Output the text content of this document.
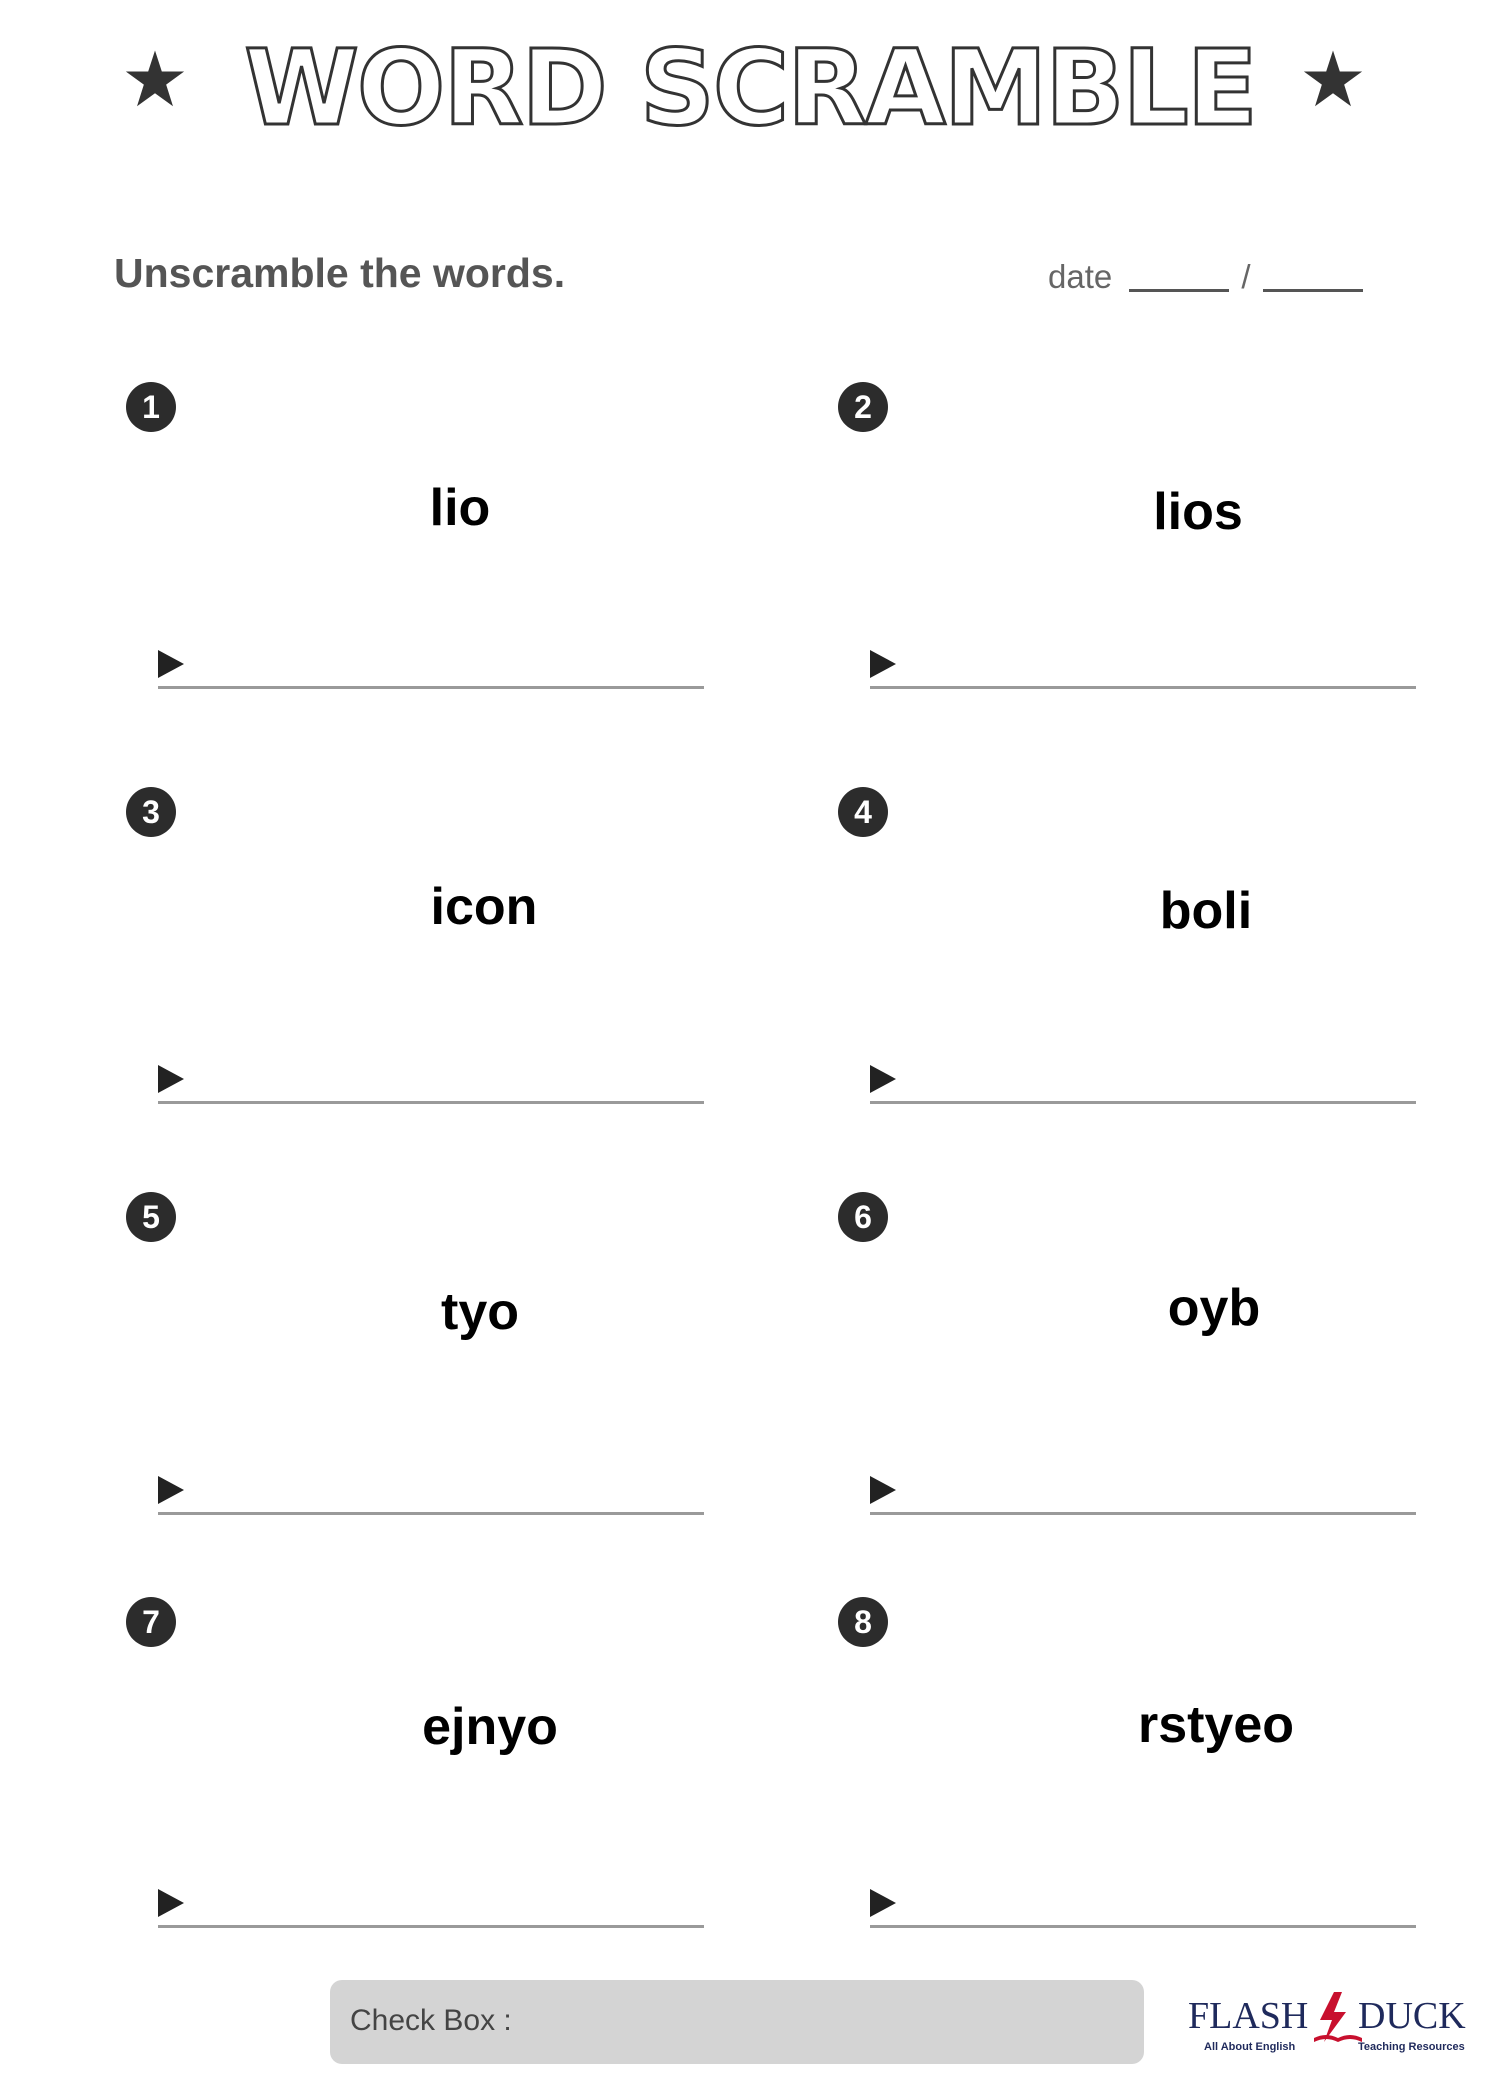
WORD SCRAMBLE
Unscramble the words.	date	/
1
lio
2
lios
3
icon
4
boli
5
tyo
6
oyb
7
ejnyo
8
rstyeo
Check Box :	FLASH DUCK
All About English	Teaching Resources
